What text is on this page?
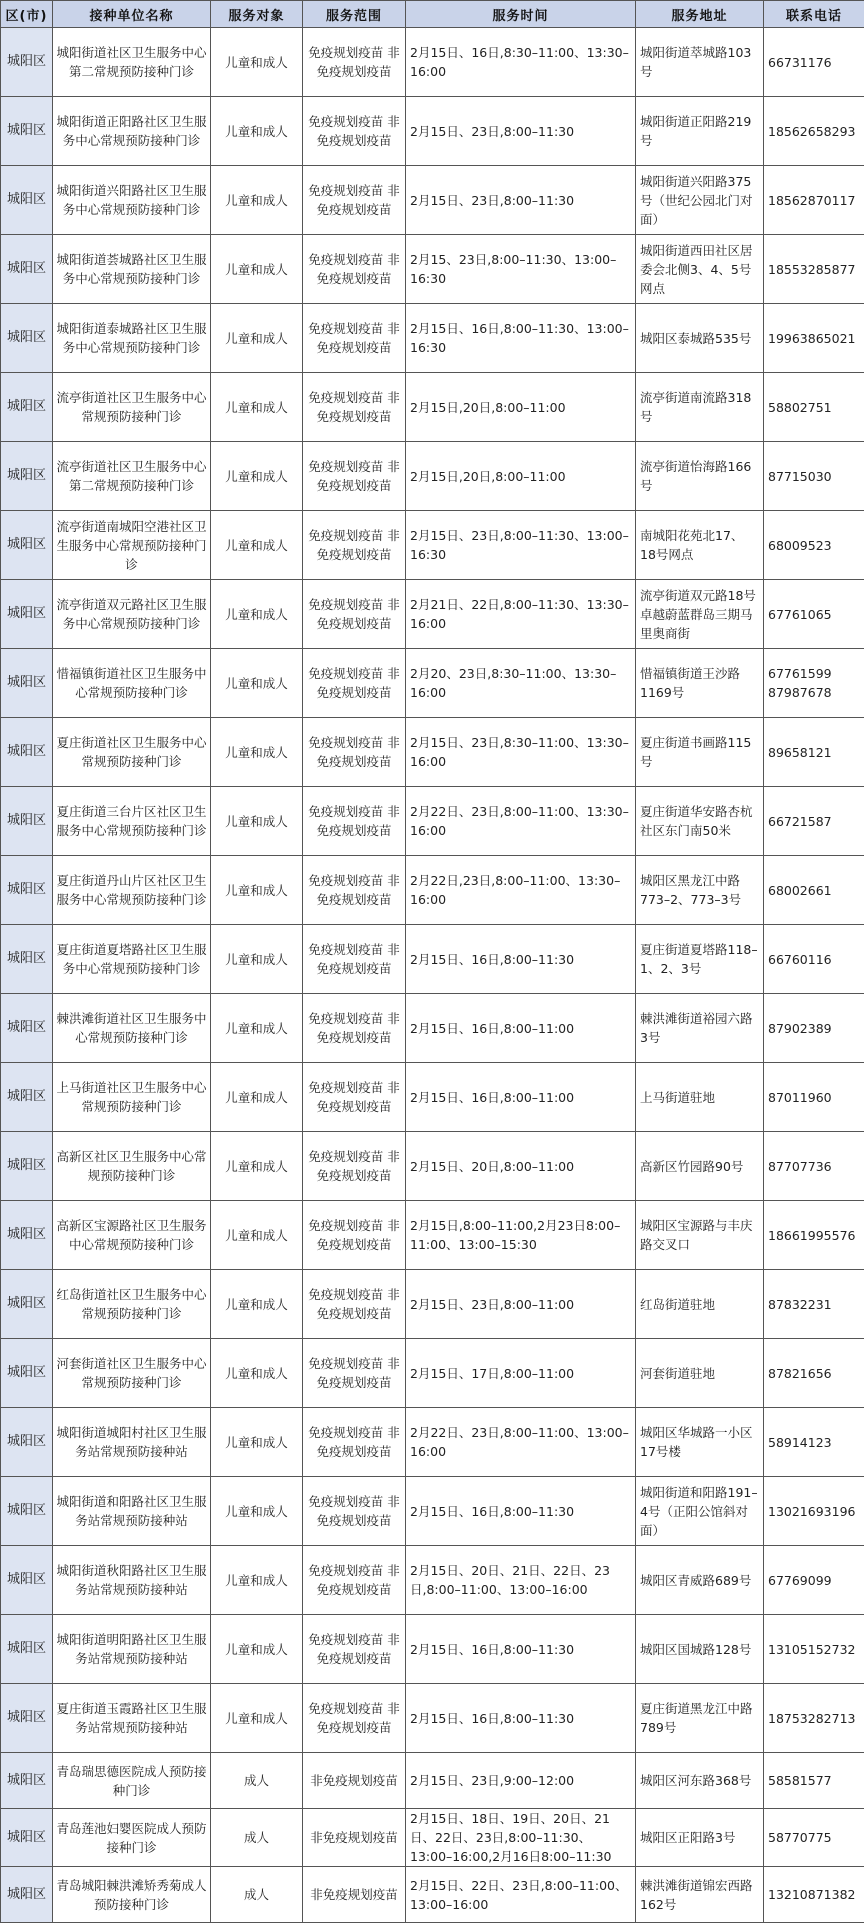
区(市)	接种单位名称	服务对象	服务范围	服务时间	服务地址	联系电话
城阳区	城阳街道社区卫生服务中心第二常规预防接种门诊	儿童和成人	免疫规划疫苗 非免疫规划疫苗	2月15日、16日,8:30–11:00、13:30–16:00	城阳街道萃城路103号	66731176
城阳区	城阳街道正阳路社区卫生服务中心常规预防接种门诊	儿童和成人	免疫规划疫苗 非免疫规划疫苗	2月15日、23日,8:00–11:30	城阳街道正阳路219号	18562658293
城阳区	城阳街道兴阳路社区卫生服务中心常规预防接种门诊	儿童和成人	免疫规划疫苗 非免疫规划疫苗	2月15日、23日,8:00–11:30	城阳街道兴阳路375号（世纪公园北门对面）	18562870117
城阳区	城阳街道荟城路社区卫生服务中心常规预防接种门诊	儿童和成人	免疫规划疫苗 非免疫规划疫苗	2月15、23日,8:00–11:30、13:00–16:30	城阳街道西田社区居委会北侧3、4、5号网点	18553285877
城阳区	城阳街道泰城路社区卫生服务中心常规预防接种门诊	儿童和成人	免疫规划疫苗 非免疫规划疫苗	2月15日、16日,8:00–11:30、13:00–16:30	城阳区泰城路535号	19963865021
城阳区	流亭街道社区卫生服务中心常规预防接种门诊	儿童和成人	免疫规划疫苗 非免疫规划疫苗	2月15日,20日,8:00–11:00	流亭街道南流路318号	58802751
城阳区	流亭街道社区卫生服务中心第二常规预防接种门诊	儿童和成人	免疫规划疫苗 非免疫规划疫苗	2月15日,20日,8:00–11:00	流亭街道怡海路166号	87715030
城阳区	流亭街道南城阳空港社区卫生服务中心常规预防接种门诊	儿童和成人	免疫规划疫苗 非免疫规划疫苗	2月15日、23日,8:00–11:30、13:00–16:30	南城阳花苑北17、18号网点	68009523
城阳区	流亭街道双元路社区卫生服务中心常规预防接种门诊	儿童和成人	免疫规划疫苗 非免疫规划疫苗	2月21日、22日,8:00–11:30、13:30–16:00	流亭街道双元路18号卓越蔚蓝群岛三期马里奥商街	67761065
城阳区	惜福镇街道社区卫生服务中心常规预防接种门诊	儿童和成人	免疫规划疫苗 非免疫规划疫苗	2月20、23日,8:30–11:00、13:30–16:00	惜福镇街道王沙路1169号	67761599 87987678
城阳区	夏庄街道社区卫生服务中心常规预防接种门诊	儿童和成人	免疫规划疫苗 非免疫规划疫苗	2月15日、23日,8:30–11:00、13:30–16:00	夏庄街道书画路115号	89658121
城阳区	夏庄街道三台片区社区卫生服务中心常规预防接种门诊	儿童和成人	免疫规划疫苗 非免疫规划疫苗	2月22日、23日,8:00–11:00、13:30–16:00	夏庄街道华安路杏杭社区东门南50米	66721587
城阳区	夏庄街道丹山片区社区卫生服务中心常规预防接种门诊	儿童和成人	免疫规划疫苗 非免疫规划疫苗	2月22日,23日,8:00–11:00、13:30–16:00	城阳区黑龙江中路773–2、773–3号	68002661
城阳区	夏庄街道夏塔路社区卫生服务中心常规预防接种门诊	儿童和成人	免疫规划疫苗 非免疫规划疫苗	2月15日、16日,8:00–11:30	夏庄街道夏塔路118–1、2、3号	66760116
城阳区	棘洪滩街道社区卫生服务中心常规预防接种门诊	儿童和成人	免疫规划疫苗 非免疫规划疫苗	2月15日、16日,8:00–11:00	棘洪滩街道裕园六路3号	87902389
城阳区	上马街道社区卫生服务中心常规预防接种门诊	儿童和成人	免疫规划疫苗 非免疫规划疫苗	2月15日、16日,8:00–11:00	上马街道驻地	87011960
城阳区	高新区社区卫生服务中心常规预防接种门诊	儿童和成人	免疫规划疫苗 非免疫规划疫苗	2月15日、20日,8:00–11:00	高新区竹园路90号	87707736
城阳区	高新区宝源路社区卫生服务中心常规预防接种门诊	儿童和成人	免疫规划疫苗 非免疫规划疫苗	2月15日,8:00–11:00,2月23日8:00–11:00、13:00–15:30	城阳区宝源路与丰庆路交叉口	18661995576
城阳区	红岛街道社区卫生服务中心常规预防接种门诊	儿童和成人	免疫规划疫苗 非免疫规划疫苗	2月15日、23日,8:00–11:00	红岛街道驻地	87832231
城阳区	河套街道社区卫生服务中心常规预防接种门诊	儿童和成人	免疫规划疫苗 非免疫规划疫苗	2月15日、17日,8:00–11:00	河套街道驻地	87821656
城阳区	城阳街道城阳村社区卫生服务站常规预防接种站	儿童和成人	免疫规划疫苗 非免疫规划疫苗	2月22日、23日,8:00–11:00、13:00–16:00	城阳区华城路一小区17号楼	58914123
城阳区	城阳街道和阳路社区卫生服务站常规预防接种站	儿童和成人	免疫规划疫苗 非免疫规划疫苗	2月15日、16日,8:00–11:30	城阳街道和阳路191–4号（正阳公馆斜对面）	13021693196
城阳区	城阳街道秋阳路社区卫生服务站常规预防接种站	儿童和成人	免疫规划疫苗 非免疫规划疫苗	2月15日、20日、21日、22日、23日,8:00–11:00、13:00–16:00	城阳区青威路689号	67769099
城阳区	城阳街道明阳路社区卫生服务站常规预防接种站	儿童和成人	免疫规划疫苗 非免疫规划疫苗	2月15日、16日,8:00–11:30	城阳区国城路128号	13105152732
城阳区	夏庄街道玉霞路社区卫生服务站常规预防接种站	儿童和成人	免疫规划疫苗 非免疫规划疫苗	2月15日、16日,8:00–11:30	夏庄街道黑龙江中路789号	18753282713
城阳区	青岛瑞思德医院成人预防接种门诊	成人	非免疫规划疫苗	2月15日、23日,9:00–12:00	城阳区河东路368号	58581577
城阳区	青岛莲池妇婴医院成人预防接种门诊	成人	非免疫规划疫苗	2月15日、18日、19日、20日、21日、22日、23日,8:00–11:30、13:00–16:00,2月16日8:00–11:30	城阳区正阳路3号	58770775
城阳区	青岛城阳棘洪滩矫秀菊成人预防接种门诊	成人	非免疫规划疫苗	2月15日、22日、23日,8:00–11:00、13:00–16:00	棘洪滩街道锦宏西路162号	13210871382
